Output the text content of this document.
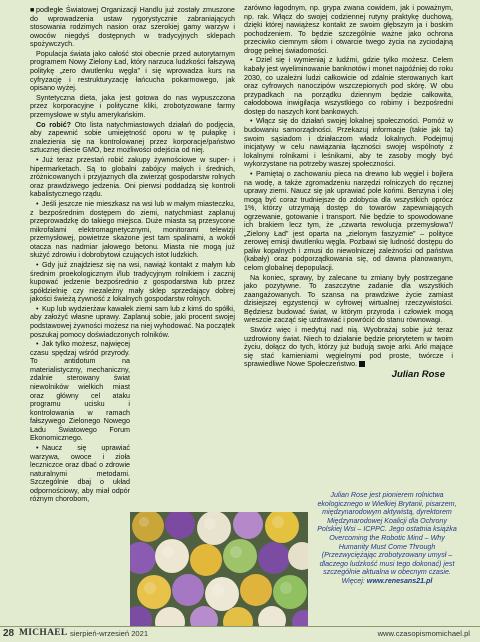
■ podległe Światowej Organizacji Handlu już zostały zmuszone do wprowadzenia ustaw rygorystycznie zabraniających stosowania rodzimych nasion oraz szerokiej gamy warzyw i owoców niegdyś dostępnych w tradycyjnych sklepach spożywczych.

Populacja świata jako całość stoi obecnie przed autorytarnym programem Nowy Zielony Ład, który narzuca ludzkości fałszywą politykę „zero dwutlenku węgla” i się wprowadza kurs na cyfryzację i restrukturyzację łańcucha pokarmowego, jak opisano wyżej.

Syntetyczna dieta, jaka jest gotowa do nas wypuszczona przez korporacyjne i polityczne kliki, zrobotyzowane farmy przemysłowe w stylu amerykańskim.

Co robić? Oto lista natychmiastowych działań do podjęcia, aby zapewnić sobie umiejętność oporu w tę pułapkę i znalezienia się na kontrolowanej przez korporacje/państwo sztucznej diecie GMO, bez możliwości odejścia od niej.

• Już teraz przestań robić zakupy żywnościowe w super- i hipermarketach. Są to globalni zabójcy małych i średnich, zróżnicowanych i przyjaznych dla zwierząt gospodarstw rolnych oraz prawdziwego jedzenia. Oni pierwsi poddadzą się kontroli kabalistycznego rządu.

• Jeśli jeszcze nie mieszkasz na wsi lub w małym miasteczku, z bezpośrednim dostępem do ziemi, natychmiast zaplanuj przeprowadzkę do takiego miejsca. Duże miasta są przesycone mikrofalami elektromagnetycznymi, monitorami telewizji przemysłowej, powietrze skażone jest tam spalinami, a wokół otacza nas nadmiar jałowego betonu. Miasta nie mogą już służyć zdrowiu i dobrobytowi czujących istot ludzkich.

• Gdy już znajdziesz się na wsi, nawiąż kontakt z małym lub średnim proekologicznym i/lub tradycyjnym rolnikiem i zacznij kupować jedzenie bezpośrednio z gospodarstwa lub przez spółdzielnię czy niezależny mały sklep sprzedający dobrej jakości świeżą żywność z lokalnych gospodarstw rolnych.

• Kup lub wydzierżaw kawałek ziemi sam lub z kimś do spółki, aby założyć własne uprawy. Zaplanuj sobie, jaki procent swojej podstawowej żywności możesz na niej wyhodować. Na początek poszukaj pomocy doświadczonych rolników.

• Jak tylko możesz, najwięcej czasu spędzaj wśród przyrody. To antidotum na materialistyczny, mechaniczny, zdalnie sterowany świat niewolników wielkich miast oraz główny cel ataku programu ucisku i kontrolowania w ramach fałszywego Zielonego Nowego Ładu Światowego Forum Ekonomicznego.

• Naucz się uprawiać warzywa, owoce i zioła leczniczce oraz dbać o zdrowie naturalnymi metodami. Szczególnie dbaj o układ odpornościowy, aby miał odpór różnym chorobom,

zarówno łagodnym, np. grypa zwana cowidem, jak i poważnym, np. rak. Włącz do swojej codziennej rutyny praktykę duchową, dzięki której nawiążesz kontakt ze swoim głębszym ja i boskim pochodzeniem. To będzie szczególnie ważne jako ochrona przeciwko ciemnym siłom i otwarcie twego życia na zyciodajną drogę pełnej świadomości.

• Dziel się i wymieniaj z ludźmi, gdzie tylko możesz. Celem kabały jest wyeliminowanie banknotów i monet najpóźniej do roku 2030, co uzależni ludzi całkowicie od zdalnie sterowanych kart oraz cyfrowych nanoczipów wszczepionych pod skórę. W obu przypadkach na porządku dziennym będzie całkowita, całodobowa inwigilacja wszystkiego co robimy i bezpośredni dostęp do naszych kont bankowych.

• Włącz się do działań swojej lokalnej społeczności. Pomóż w budowaniu samorządności. Przekazuj informacje (takie jak ta) swoim sąsiadom i działaczom władz lokalnych. Podejmuj inicjatywy w celu nawiązania łączności swojej wspólnoty z lokalnymi rolnikami i leśnikami, aby te zasoby mogły być wykorzystane na potrzeby waszej społeczności.

• Pamiętaj o zachowaniu pieca na drewno lub węgiel i bojlera na wodę, a także zgromadzeniu narzędzi rolniczych do ręcznej uprawy ziemi. Naucz się jak uprawiać pole końmi. Benzyna i olej mogą być coraz trudniejsze do zdobycia dla wszystkich oprócz 1%, którzy utrzymają dostęp do towarów zapewniających ogrzewanie, gotowanie i transport. Nie będzie to spowodowane ich brakiem lecz tym, że „czwarta rewolucja przemysłowa”/„Zielony Ład” jest oparta na „zielonym faszyzmie” – polityce zerowej emisji dwutlenku węgla. Pozbawi się ludność dostępu do paliw kopalnych i zmusi do niewolniczej zależności od państwa (kabały) oraz podporządkowania się, od dawna planowanym, celom globalnej depopulacji.

Na koniec, sprawy, by zalecane tu zmiany były postrzegane jako pozytywne. To zaszczytne zadanie dla wszystkich zaangażowanych. To szansa na prawdziwe życie zamiast dzisiejszej egzystencji w cyfrowej wirtualnej rzeczywistości. Będziesz budować świat, w którym przyroda i człowiek mogą wreszcie zacząć się uzdrawiać i powrócić do stanu równowagi.

Stwórz więc i medytuj nad nią. Wyobrażaj sobie już teraz uzdrowiony świat. Niech to działanie będzie priorytetem w twoim życiu, dołącz do tych, którzy już budują swoje arki. Arki mające się stać kamieniami węgielnymi pod proste, twórcze i sprawiedliwe Nowe Społeczeństwo.

Julian Rose
Julian Rose jest pionierem rolnictwa ekologicznego w Wielkiej Brytanii, pisarzem, międzynarodowym aktywistą, dyrektorem Międzynarodowej Koalicji dla Ochrony Polskiej Wsi – ICPPC. Jego ostatnia książka Overcoming the Robotic Mind – Why Humanity Must Come Through (Przezwyciężając zrobotyzowany umysł – dlaczego ludzkość musi tego dokonać) jest szczególnie aktualna w obecnym czasie. Więcej: www.renesans21.pl
28 MICHAEL sierpień-wrzesień 2021	www.czasopismomichael.pl
